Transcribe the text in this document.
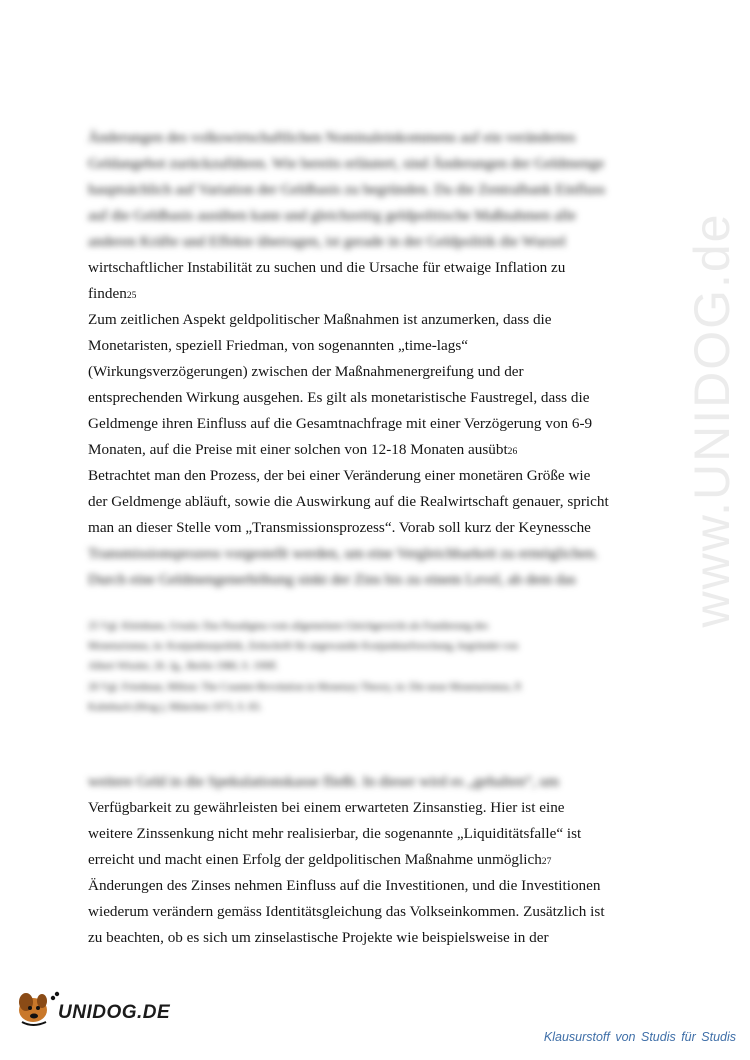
Änderungen des volkswirtschaftlichen Nominaleinkommens auf ein verändertes
Geldangebot zurückzuführen. Wie bereits erläutert, sind Änderungen der Geldmenge
hauptsächlich auf Variation der Geldbasis zu begründen. Da die Zentralbank Einfluss
auf die Geldbasis ausüben kann und gleichzeitig geldpolitische Maßnahmen alle
anderen Kräfte und Effekte überragen, ist gerade in der Geldpolitik die Wurzel
wirtschaftlicher Instabilität zu suchen und die Ursache für etwaige Inflation zu
finden25
Zum zeitlichen Aspekt geldpolitischer Maßnahmen ist anzumerken, dass die
Monetaristen, speziell Friedman, von sogenannten „time-lags“
(Wirkungsverzögerungen) zwischen der Maßnahmenergreifung und der
entsprechenden Wirkung ausgehen. Es gilt als monetaristische Faustregel, dass die
Geldmenge ihren Einfluss auf die Gesamtnachfrage mit einer Verzögerung von 6-9
Monaten, auf die Preise mit einer solchen von 12-18 Monaten ausübt26
Betrachtet man den Prozess, der bei einer Veränderung einer monetären Größe wie
der Geldmenge abläuft, sowie die Auswirkung auf die Realwirtschaft genauer, spricht
man an dieser Stelle vom „Transmissionsprozess“. Vorab soll kurz der Keynessche
Transmissionsprozess vorgestellt werden, um eine Vergleichbarkeit zu ermöglichen.
Durch eine Geldmengenerhöhung sinkt der Zins bis zu einem Level, ab dem das
25 Vgl. Kleinhans, Ursula: Das Paradigma vom allgemeinen Gleichgewicht als Fundierung des
Monetarismus, in: Konjunkturpolitik, Zeitschrift für angewandte Konjunkturforschung, begründet von
Albert Wissler, 26. Jg., Berlin 1980, S. 199ff.
26 Vgl. Friedman, Milton: The Counter-Revolution in Monetary Theory, in: Die neue Monetarismus, P.
Kalmbach (Hrsg.), München 1973, S. 83.
weitere Geld in die Spekulationskasse fließt. In dieser wird es „gehalten“, um
Verfügbarkeit zu gewährleisten bei einem erwarteten Zinsanstieg. Hier ist eine
weitere Zinssenkung nicht mehr realisierbar, die sogenannte „Liquiditätsfalle“ ist
erreicht und macht einen Erfolg der geldpolitischen Maßnahme unmöglich27
Änderungen des Zinses nehmen Einfluss auf die Investitionen, und die Investitionen
wiederum verändern gemäss Identitätsgleichung das Volkseinkommen. Zusätzlich ist
zu beachten, ob es sich um zinselastische Projekte wie beispielsweise in der
www.UNIDOG.de
UNIDOG.DE
Klausurstoff von Studis für Studis
